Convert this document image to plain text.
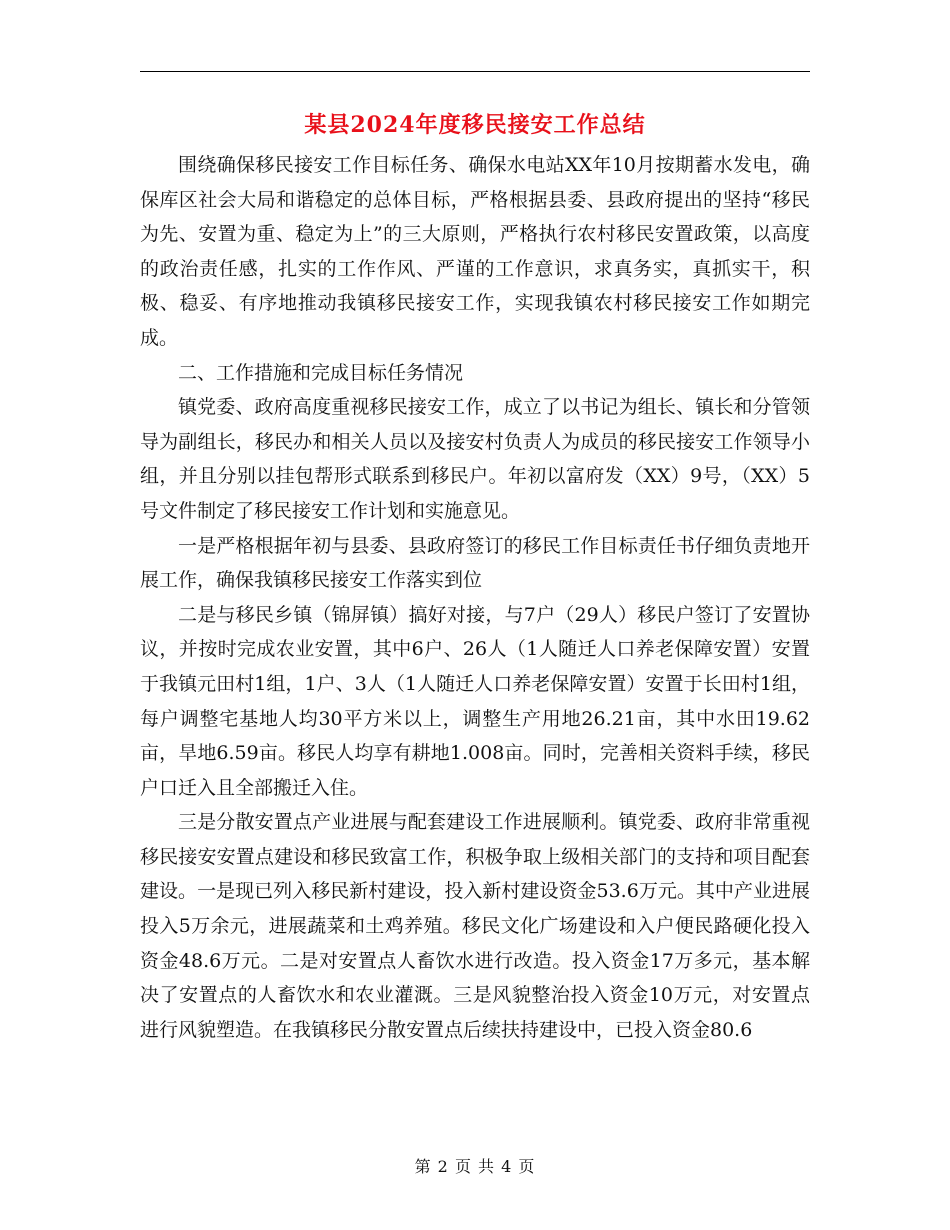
某县2024年度移民接安工作总结

围绕确保移民接安工作目标任务、确保水电站XX年10月按期蓄水发电，确保库区社会大局和谐稳定的总体目标，严格根据县委、县政府提出的坚持“移民为先、安置为重、稳定为上”的三大原则，严格执行农村移民安置政策，以高度的政治责任感，扎实的工作作风、严谨的工作意识，求真务实，真抓实干，积极、稳妥、有序地推动我镇移民接安工作，实现我镇农村移民接安工作如期完成。

二、工作措施和完成目标任务情况

镇党委、政府高度重视移民接安工作，成立了以书记为组长、镇长和分管领导为副组长，移民办和相关人员以及接安村负责人为成员的移民接安工作领导小组，并且分别以挂包帮形式联系到移民户。年初以富府发（XX）9号，（XX）5号文件制定了移民接安工作计划和实施意见。

一是严格根据年初与县委、县政府签订的移民工作目标责任书仔细负责地开展工作，确保我镇移民接安工作落实到位

二是与移民乡镇（锦屏镇）搞好对接，与7户（29人）移民户签订了安置协议，并按时完成农业安置，其中6户、26人（1人随迁人口养老保障安置）安置于我镇元田村1组，1户、3人（1人随迁人口养老保障安置）安置于长田村1组，每户调整宅基地人均30平方米以上，调整生产用地26.21亩，其中水田19.62亩，旱地6.59亩。移民人均享有耕地1.008亩。同时，完善相关资料手续，移民户口迁入且全部搬迁入住。

三是分散安置点产业进展与配套建设工作进展顺利。镇党委、政府非常重视移民接安安置点建设和移民致富工作，积极争取上级相关部门的支持和项目配套建设。一是现已列入移民新村建设，投入新村建设资金53.6万元。其中产业进展投入5万余元，进展蔬菜和土鸡养殖。移民文化广场建设和入户便民路硬化投入资金48.6万元。二是对安置点人畜饮水进行改造。投入资金17万多元，基本解决了安置点的人畜饮水和农业灌溉。三是风貌整治投入资金10万元，对安置点进行风貌塑造。在我镇移民分散安置点后续扶持建设中，已投入资金80.6

第 2 页 共 4 页
